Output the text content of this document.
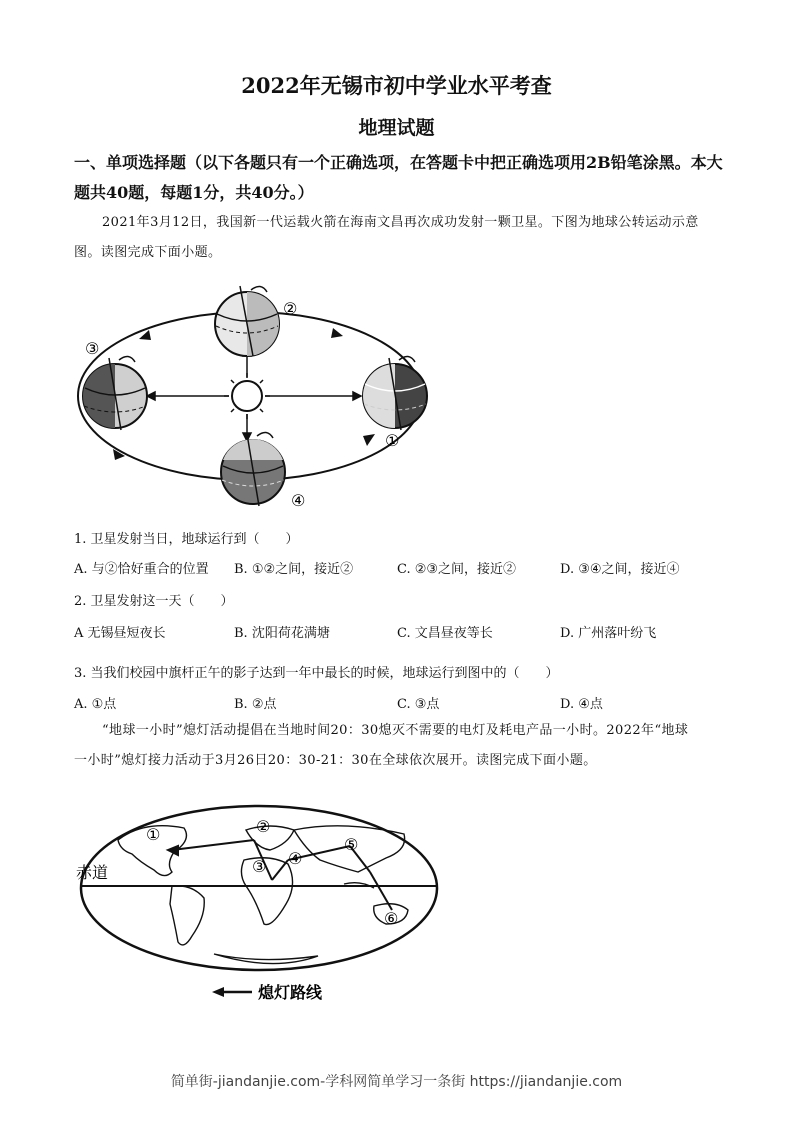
2022年无锡市初中学业水平考查
地理试题
一、单项选择题（以下各题只有一个正确选项，在答题卡中把正确选项用2B铅笔涂黑。本大
题共40题，每题1分，共40分。）
2021年3月12日，我国新一代运载火箭在海南文昌再次成功发射一颗卫星。下图为地球公转运动示意
图。读图完成下面小题。
②
③
①
④
1. 卫星发射当日，地球运行到（　　）
A. 与②恰好重合的位置 B. ①②之间，接近②	C. ②③之间，接近②	D. ③④之间，接近④
2. 卫星发射这一天（　　）
A 无锡昼短夜长	B. 沈阳荷花满塘	C. 文昌昼夜等长	D. 广州落叶纷飞
3. 当我们校园中旗杆正午的影子达到一年中最长的时候，地球运行到图中的（　　）
A. ①点	B. ②点	C. ③点	D. ④点
“地球一小时”熄灯活动提倡在当地时间20：30熄灭不需要的电灯及耗电产品一小时。2022年“地球
一小时”熄灯接力活动于3月26日20：30-21：30在全球依次展开。读图完成下面小题。
赤道
①	②
③ ④
⑤
⑥
熄灯路线
简单街-jiandanjie.com-学科网简单学习一条街 https://jiandanjie.com
